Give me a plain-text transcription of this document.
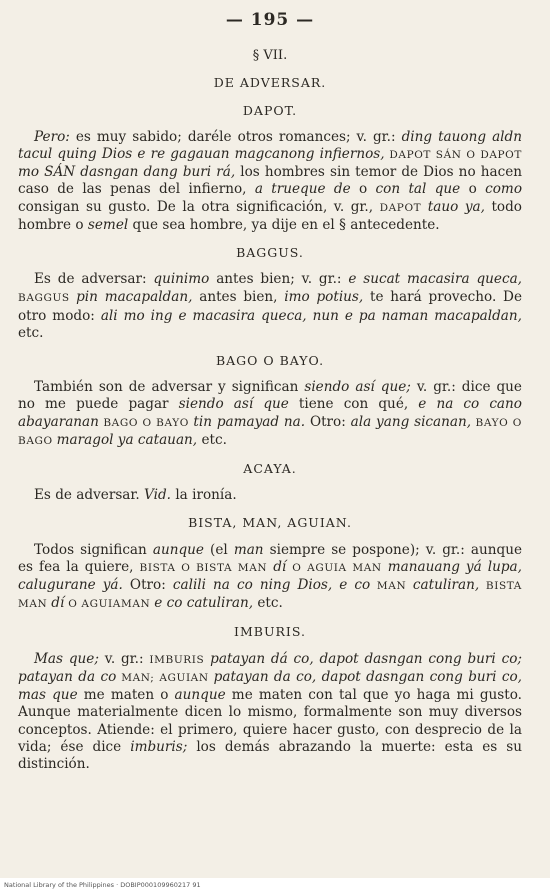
— 195 —
§ VII.
DE ADVERSAR.
DAPOT.

Pero: es muy sabido; daréle otros romances; v. gr.: ding tauong aldn tacul quing Dios e re gagauan magcanong infiernos, DAPOT SÁN O DAPOT mo SÁN dasngan dang buri rá, los hombres sin temor de Dios no hacen caso de las penas del infierno, a trueque de o con tal que o como consigan su gusto. De la otra significación, v. gr., DAPOT tauo ya, todo hombre o semel que sea hombre, ya dije en el § antecedente.

BAGGUS.

Es de adversar: quinimo antes bien; v. gr.: e sucat macasira queca, BAGGUS pin macapaldan, antes bien, imo potius, te hará provecho. De otro modo: ali mo ing e macasira queca, nun e pa naman macapaldan, etc.

BAGO O BAYO.

También son de adversar y significan siendo así que; v. gr.: dice que no me puede pagar siendo así que tiene con qué, e na co cano abayaranan BAGO O BAYO tin pamayad na. Otro: ala yang sicanan, BAYO O BAGO maragol ya catauan, etc.

ACAYA.

Es de adversar. Vid. la ironía.

BISTA, MAN, AGUIAN.

Todos significan aunque (el man siempre se pospone); v. gr.: aunque es fea la quiere, BISTA O BISTA MAN dí O AGUIA MAN manauang yá lupa, calugurane yá. Otro: calili na co ning Dios, e co MAN catuliran, BISTA MAN dí O AGUIAMAN e co catuliran, etc.

IMBURIS.

Mas que; v. gr.: IMBURIS patayan dá co, dapot dasngan cong buri co; patayan da co MAN; AGUIAN patayan da co, dapot dasngan cong buri co, mas que me maten o aunque me maten con tal que yo haga mi gusto. Aunque materialmente dicen lo mismo, formalmente son muy diversos conceptos. Atiende: el primero, quiere hacer gusto, con desprecio de la vida; ése dice imburis; los demás abrazando la muerte: esta es su distinción.

National Library of the Philippines · DOBIP000109960217 91
